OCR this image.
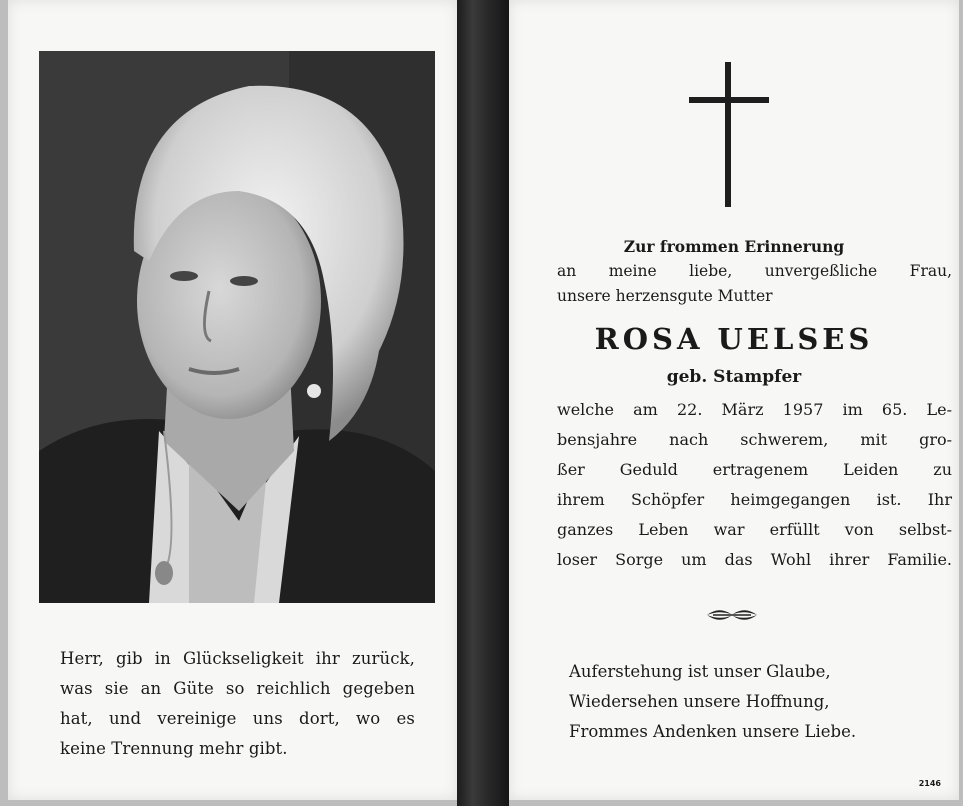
Herr, gib in Glückseligkeit ihr zurück,
was sie an Güte so reichlich gegeben
hat, und vereinige uns dort, wo es
keine Trennung mehr gibt.
Zur frommen Erinnerung
an meine liebe, unvergeßliche Frau,
unsere herzensgute Mutter
ROSA UELSES
geb. Stampfer
welche am 22. März 1957 im 65. Le-
bensjahre nach schwerem, mit gro-
ßer Geduld ertragenem Leiden zu
ihrem Schöpfer heimgegangen ist. Ihr
ganzes Leben war erfüllt von selbst-
loser Sorge um das Wohl ihrer Familie.
Auferstehung ist unser Glaube,
Wiedersehen unsere Hoffnung,
Frommes Andenken unsere Liebe.
2146
